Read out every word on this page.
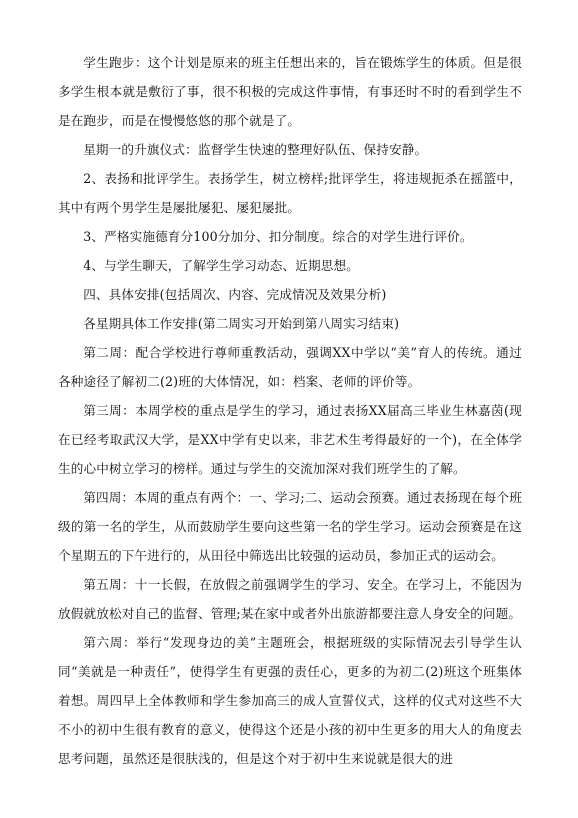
学生跑步：这个计划是原来的班主任想出来的，旨在锻炼学生的体质。但是很多学生根本就是敷衍了事，很不积极的完成这件事情，有事还时不时的看到学生不是在跑步，而是在慢慢悠悠的那个就是了。

星期一的升旗仪式：监督学生快速的整理好队伍、保持安静。

2、表扬和批评学生。表扬学生，树立榜样;批评学生，将违规扼杀在摇篮中，其中有两个男学生是屡批屡犯、屡犯屡批。

3、严格实施德育分100分加分、扣分制度。综合的对学生进行评价。

4、与学生聊天，了解学生学习动态、近期思想。

四、具体安排(包括周次、内容、完成情况及效果分析)

各星期具体工作安排(第二周实习开始到第八周实习结束)

第二周：配合学校进行尊师重教活动，强调XX中学以“美”育人的传统。通过各种途径了解初二(2)班的大体情况，如：档案、老师的评价等。

第三周：本周学校的重点是学生的学习，通过表扬XX届高三毕业生林嘉茵(现在已经考取武汉大学，是XX中学有史以来，非艺术生考得最好的一个)，在全体学生的心中树立学习的榜样。通过与学生的交流加深对我们班学生的了解。

第四周：本周的重点有两个：一、学习;二、运动会预赛。通过表扬现在每个班级的第一名的学生，从而鼓励学生要向这些第一名的学生学习。运动会预赛是在这个星期五的下午进行的，从田径中筛选出比较强的运动员，参加正式的运动会。

第五周：十一长假，在放假之前强调学生的学习、安全。在学习上，不能因为放假就放松对自己的监督、管理;某在家中或者外出旅游都要注意人身安全的问题。

第六周：举行“发现身边的美”主题班会，根据班级的实际情况去引导学生认同“美就是一种责任”，使得学生有更强的责任心，更多的为初二(2)班这个班集体着想。周四早上全体教师和学生参加高三的成人宣誓仪式，这样的仪式对这些不大不小的初中生很有教育的意义，使得这个还是小孩的初中生更多的用大人的角度去思考问题，虽然还是很肤浅的，但是这个对于初中生来说就是很大的进
